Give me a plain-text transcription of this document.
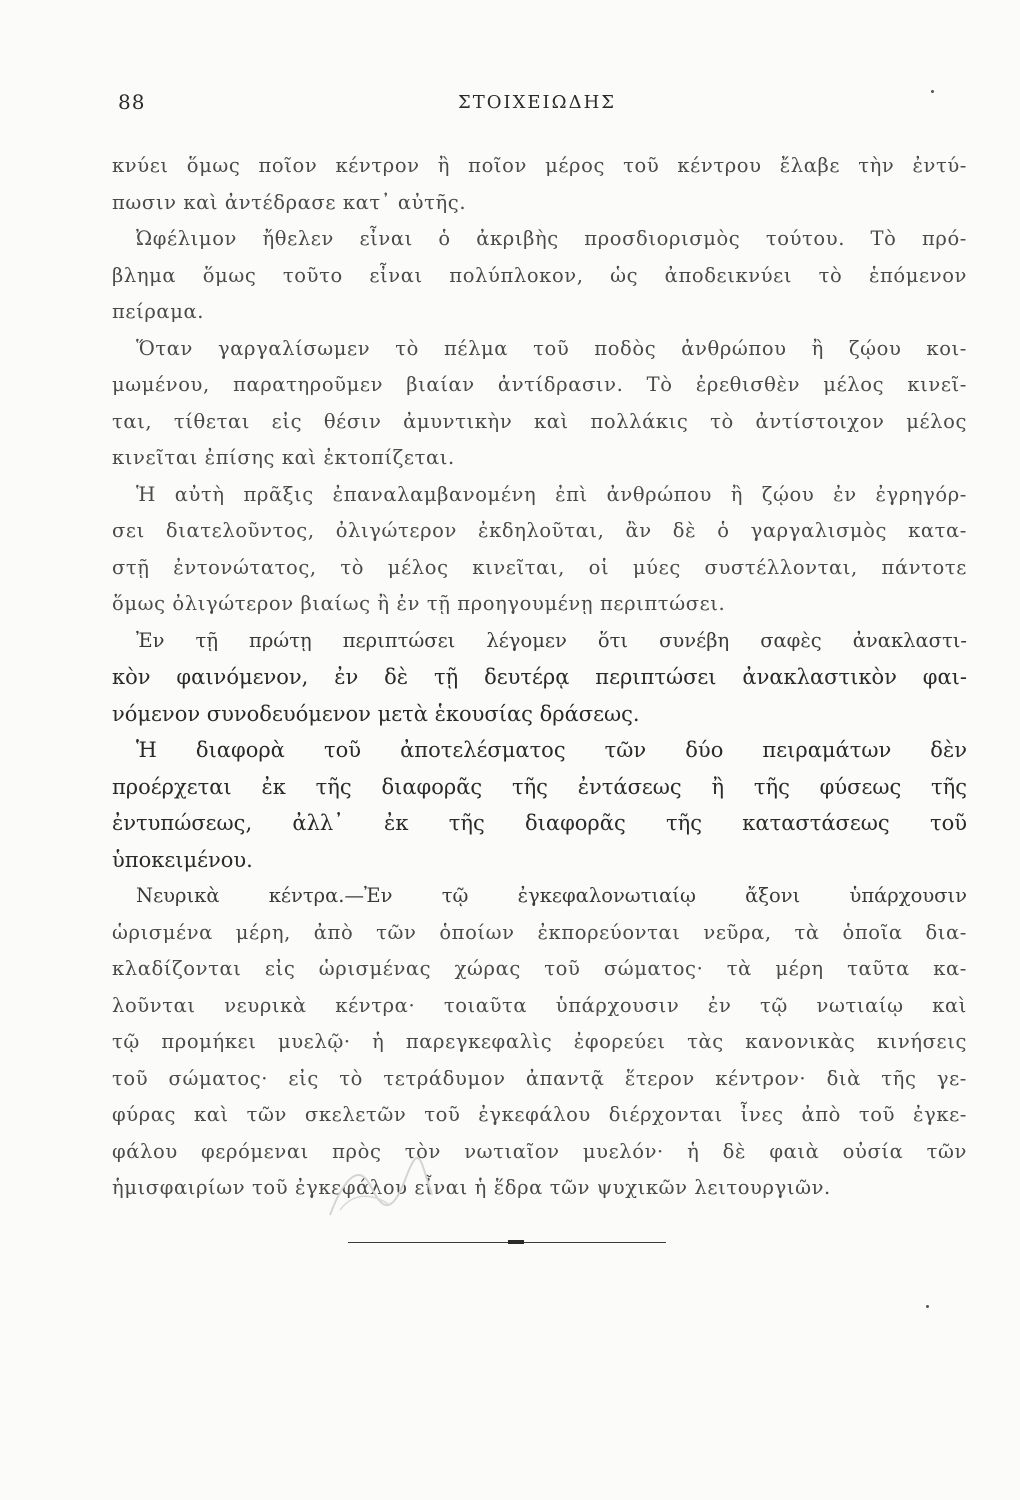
88	ΣΤΟΙΧΕΙΩΔΗΣ
κνύει ὅμως ποῖον κέντρον ἢ ποῖον μέρος τοῦ κέντρου ἔλαβε τὴν ἐντύ-
πωσιν καὶ ἀντέδρασε κατ᾽ αὐτῆς.
Ὠφέλιμον ἤθελεν εἶναι ὁ ἀκριβὴς προσδιορισμὸς τούτου. Τὸ πρό-
βλημα ὅμως τοῦτο εἶναι πολύπλοκον, ὡς ἀποδεικνύει τὸ ἑπόμενον
πείραμα.
Ὅταν γαργαλίσωμεν τὸ πέλμα τοῦ ποδὸς ἀνθρώπου ἢ ζῴου κοι-
μωμένου, παρατηροῦμεν βιαίαν ἀντίδρασιν. Τὸ ἐρεθισθὲν μέλος κινεῖ-
ται, τίθεται εἰς θέσιν ἀμυντικὴν καὶ πολλάκις τὸ ἀντίστοιχον μέλος
κινεῖται ἐπίσης καὶ ἐκτοπίζεται.
Ἡ αὐτὴ πρᾶξις ἐπαναλαμβανομένη ἐπὶ ἀνθρώπου ἢ ζῴου ἐν ἐγρηγόρ-
σει διατελοῦντος, ὀλιγώτερον ἐκδηλοῦται, ἂν δὲ ὁ γαργαλισμὸς κατα-
στῇ ἐντονώτατος, τὸ μέλος κινεῖται, οἱ μύες συστέλλονται, πάντοτε
ὅμως ὀλιγώτερον βιαίως ἢ ἐν τῇ προηγουμένῃ περιπτώσει.
Ἐν τῇ πρώτῃ περιπτώσει λέγομεν ὅτι συνέβη σαφὲς ἀνακλαστι-
κὸν φαινόμενον, ἐν δὲ τῇ δευτέρᾳ περιπτώσει ἀνακλαστικὸν φαι-
νόμενον συνοδευόμενον μετὰ ἑκουσίας δράσεως.
Ἡ διαφορὰ τοῦ ἀποτελέσματος τῶν δύο πειραμάτων δὲν
προέρχεται ἐκ τῆς διαφορᾶς τῆς ἐντάσεως ἢ τῆς φύσεως τῆς
ἐντυπώσεως, ἀλλ᾽ ἐκ τῆς διαφορᾶς τῆς καταστάσεως τοῦ
ὑποκειμένου.
Νευρικὰ κέντρα.—Ἐν τῷ ἐγκεφαλονωτιαίῳ ἄξονι ὑπάρχουσιν
ὡρισμένα μέρη, ἀπὸ τῶν ὁποίων ἐκπορεύονται νεῦρα, τὰ ὁποῖα δια-
κλαδίζονται εἰς ὡρισμένας χώρας τοῦ σώματος· τὰ μέρη ταῦτα κα-
λοῦνται νευρικὰ κέντρα· τοιαῦτα ὑπάρχουσιν ἐν τῷ νωτιαίῳ καὶ
τῷ προμήκει μυελῷ· ἡ παρεγκεφαλὶς ἐφορεύει τὰς κανονικὰς κινήσεις
τοῦ σώματος· εἰς τὸ τετράδυμον ἀπαντᾷ ἕτερον κέντρον· διὰ τῆς γε-
φύρας καὶ τῶν σκελετῶν τοῦ ἐγκεφάλου διέρχονται ἶνες ἀπὸ τοῦ ἐγκε-
φάλου φερόμεναι πρὸς τὸν νωτιαῖον μυελόν· ἡ δὲ φαιὰ οὐσία τῶν
ἡμισφαιρίων τοῦ ἐγκεφάλου εἶναι ἡ ἕδρα τῶν ψυχικῶν λειτουργιῶν.
